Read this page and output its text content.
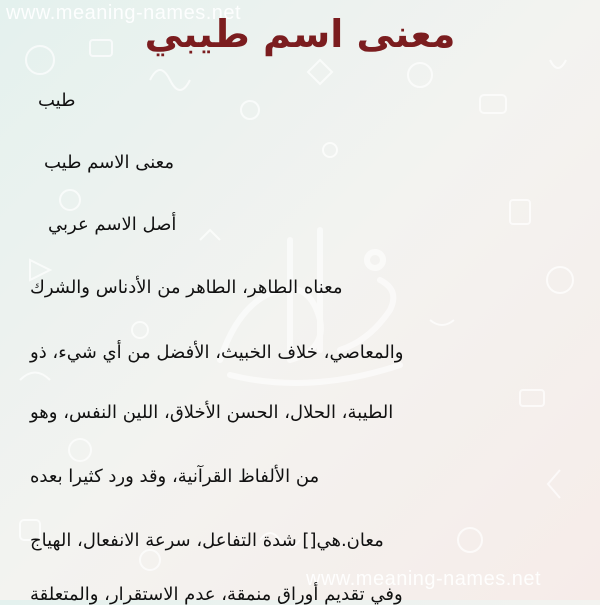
www.meaning-names.net
www.meaning-names.net
معنى اسم طيبي
طيب
معنى الاسم طيب
أصل الاسم عربي
معناه الطاهر، الطاهر من الأدناس والشرك
والمعاصي، خلاف الخبيث، الأفضل من أي شيء، ذو
الطيبة، الحلال، الحسن الأخلاق، اللين النفس، وهو
من الألفاظ القرآنية، وقد ورد كثيرا بعده
معان.هي[] شدة التفاعل، سرعة الانفعال، الهياج
وفي تقديم أوراق منمقة، عدم الاستقرار، والمتعلقة
